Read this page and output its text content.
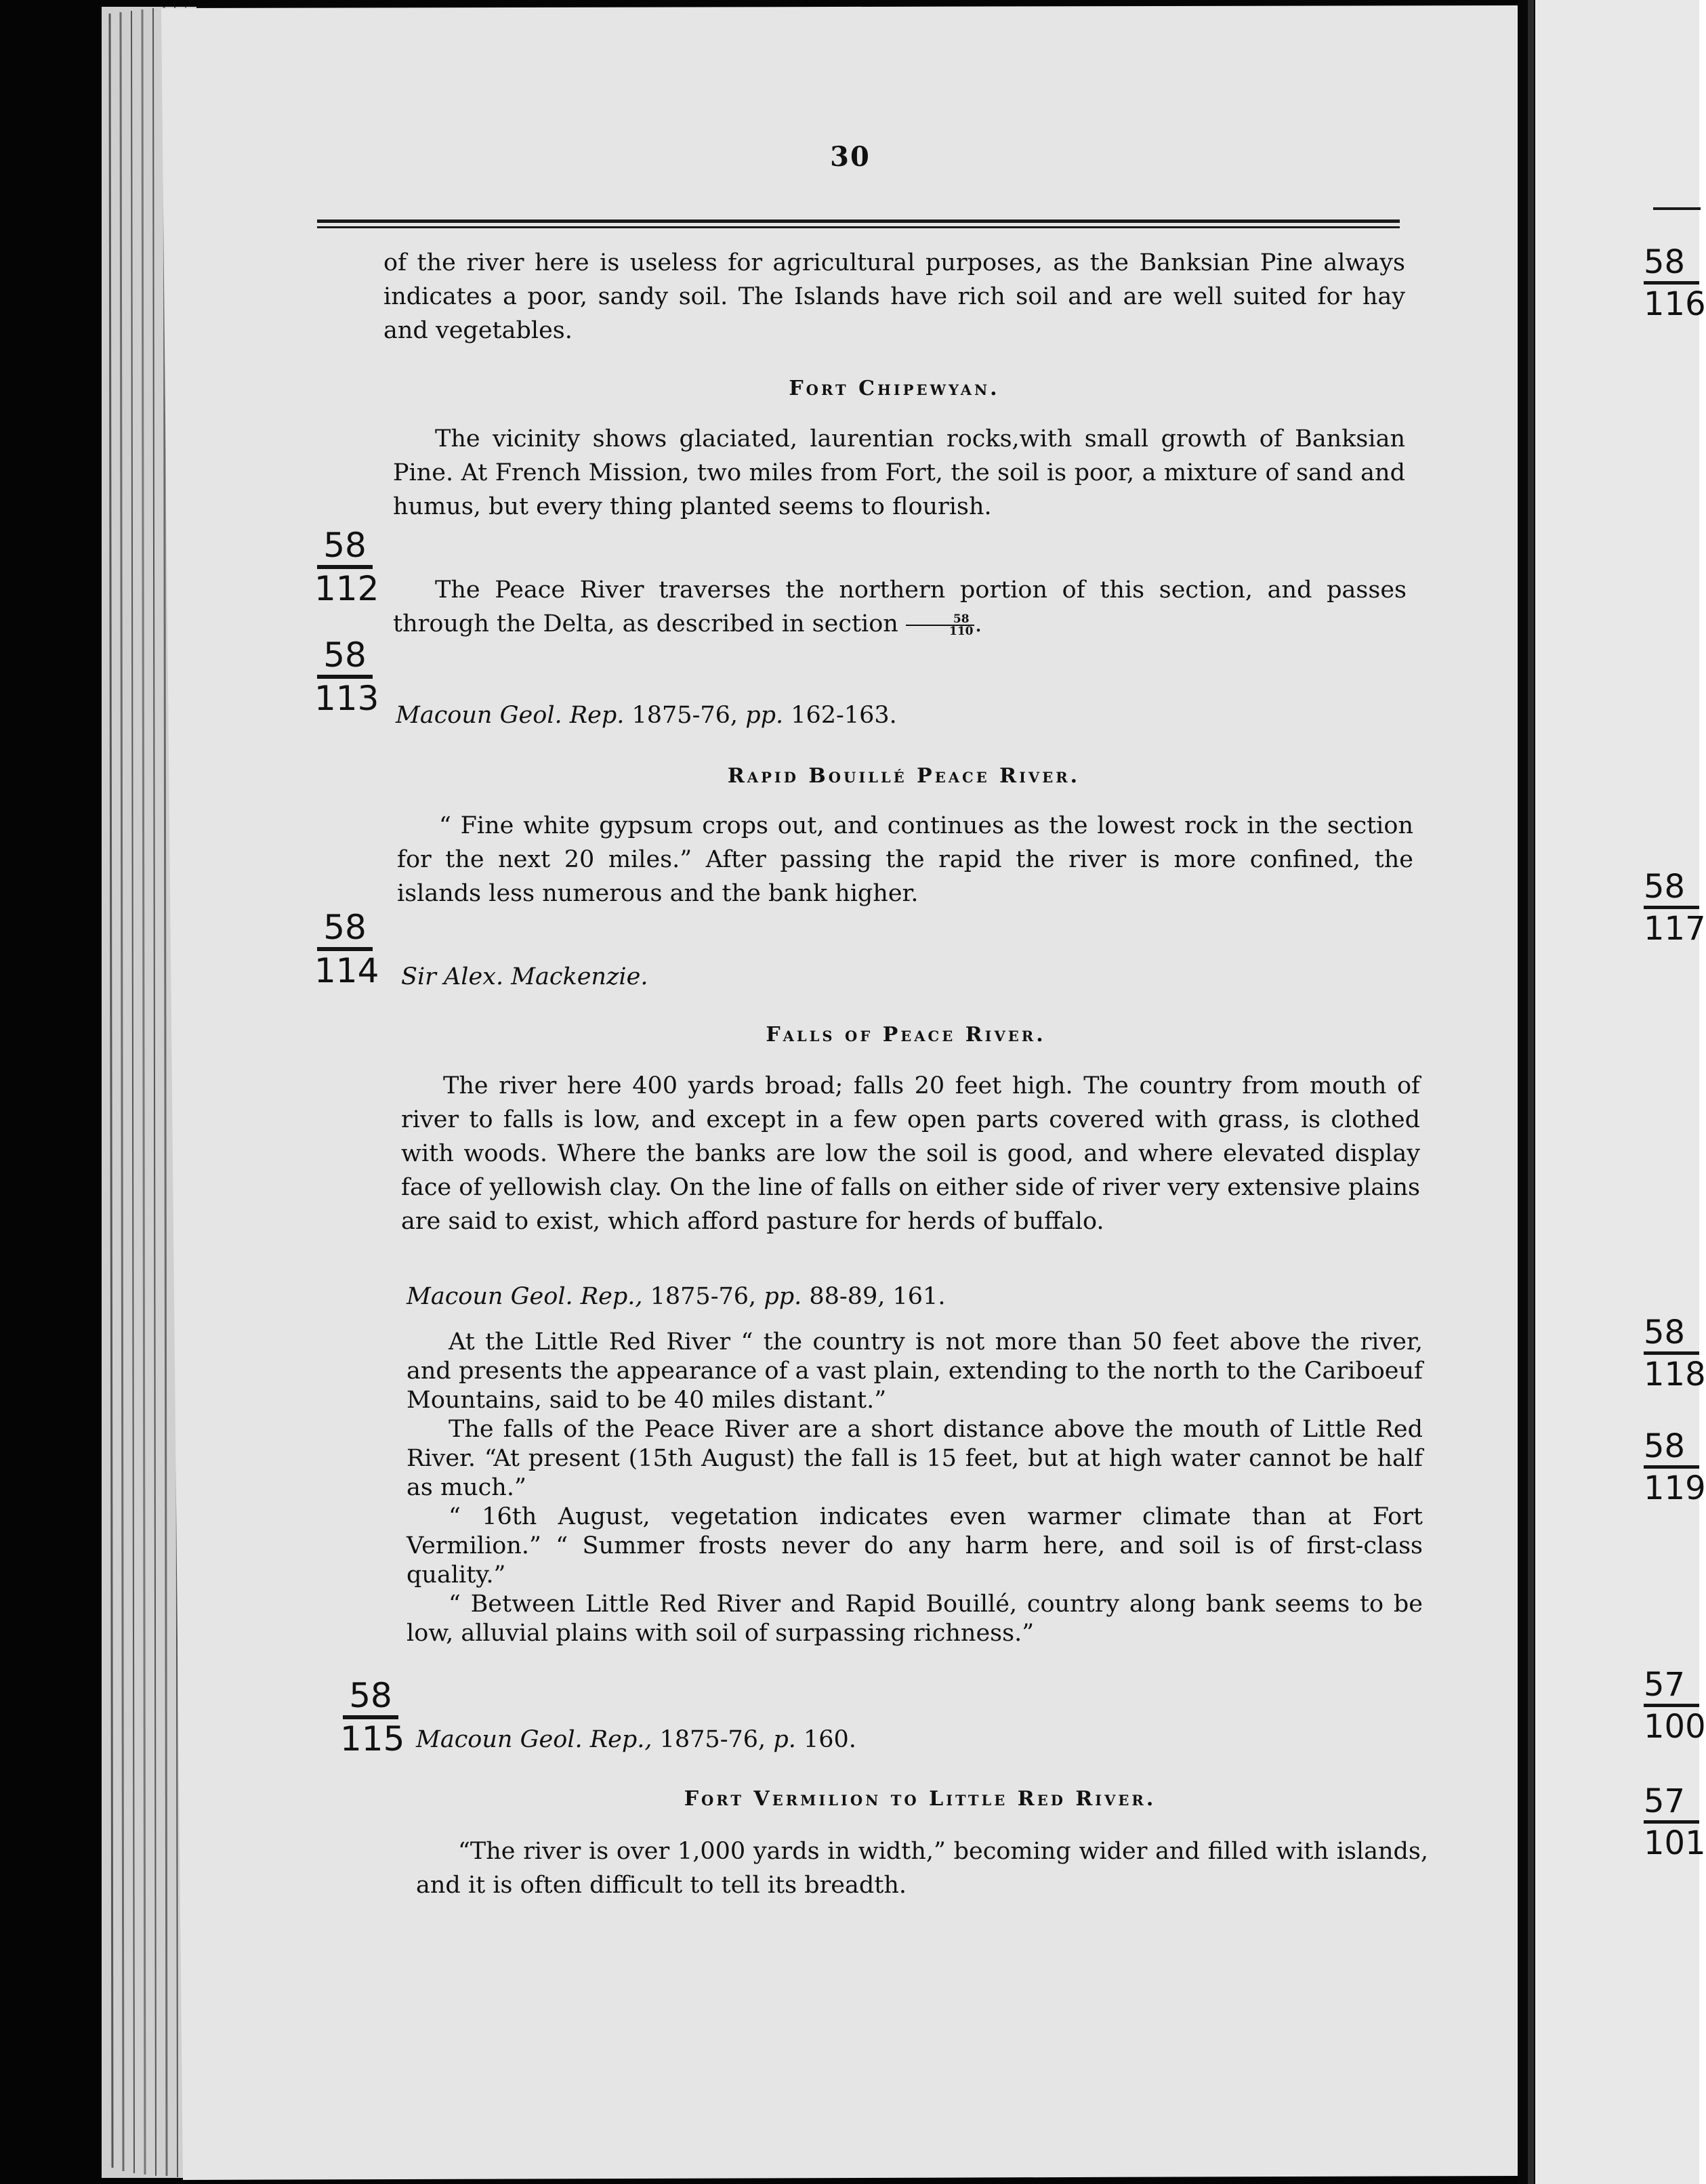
30

of the river here is useless for agricultural purposes, as the Banksian Pine always indicates a poor, sandy soil. The Islands have rich soil and are well suited for hay and vegetables.

Fort Chipewyan.

The vicinity shows glaciated, laurentian rocks,with small growth of Banksian Pine. At French Mission, two miles from Fort, the soil is poor, a mixture of sand and humus, but every thing planted seems to flourish.

58
112	The Peace River traverses the northern portion of this section, and passes through the Delta, as described in section $\frac{58}{110}$ .

58
113 Macoun Geol. Rep. 1875-76, pp. 162-163.
Rapid Bouillé Peace River.

“ Fine white gypsum crops out, and continues as the lowest rock in the section for the next 20 miles.” After passing the rapid the river is more confined, the islands less numerous and the bank higher.

58
114 Sir Alex. Mackenzie.
Falls of Peace River.

The river here 400 yards broad; falls 20 feet high. The country from mouth of river to falls is low, and except in a few open parts covered with grass, is clothed with woods. Where the banks are low the soil is good, and where elevated display face of yellowish clay. On the line of falls on either side of river very extensive plains are said to exist, which afford pasture for herds of buffalo.

Macoun Geol. Rep., 1875-76, pp. 88-89, 161.

At the Little Red River “ the country is not more than 50 feet above the river, and presents the appearance of a vast plain, extending to the north to the Cariboeuf Mountains, said to be 40 miles distant.”

The falls of the Peace River are a short distance above the mouth of Little Red River. “At present (15th August) the fall is 15 feet, but at high water cannot be half as much.”

“ 16th August, vegetation indicates even warmer climate than at Fort Vermilion.” “ Summer frosts never do any harm here, and soil is of first-class quality.”

“ Between Little Red River and Rapid Bouillé, country along bank seems to be low, alluvial plains with soil of surpassing richness.”

58
115 Macoun Geol. Rep., 1875-76, p. 160.
Fort Vermilion to Little Red River.

“The river is over 1,000 yards in width,” becoming wider and filled with islands, and it is often difficult to tell its breadth.

58
116
58
117
58
118
58
119
57
100
57
101
